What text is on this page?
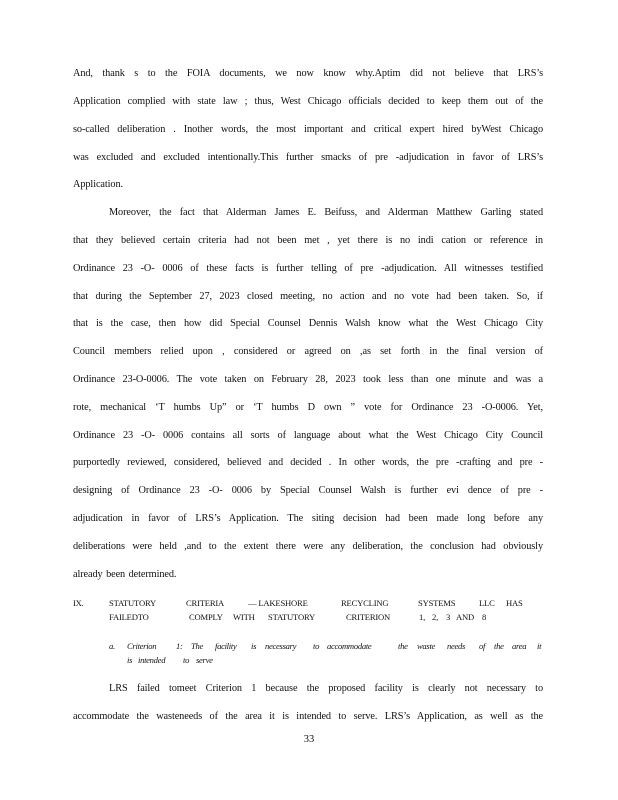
And, thank s to the FOIA documents, we now know why.Aptim did not believe that LRS’s
Application complied with state law ; thus, West Chicago officials decided to keep them out of the
so-called deliberation . Inother words, the most important and critical expert hired byWest Chicago
was excluded and excluded intentionally.This further smacks of pre -adjudication in favor of LRS’s
Application.
Moreover, the fact that Alderman James E. Beifuss, and Alderman Matthew Garling stated
that they believed certain criteria had not been met , yet there is no indi cation or reference in
Ordinance 23 -O- 0006 of these facts is further telling of pre -adjudication. All witnesses testified
that during the September 27, 2023 closed meeting, no action and no vote had been taken. So, if
that is the case, then how did Special Counsel Dennis Walsh know what the West Chicago City
Council members relied upon , considered or agreed on ,as set forth in the final version of
Ordinance 23-O-0006. The vote taken on February 28, 2023 took less than one minute and was a
rote, mechanical ‘T humbs Up” or ‘T humbs D own ” vote for Ordinance 23 -O-0006. Yet,
Ordinance 23 -O- 0006 contains all sorts of language about what the West Chicago City Council
purportedly reviewed, considered, believed and decided . In other words, the pre -crafting and pre -
designing of Ordinance 23 -O- 0006 by Special Counsel Walsh is further evi dence of pre -
adjudication in favor of LRS’s Application. The siting decision had been made long before any
deliberations were held ,and to the extent there were any deliberation, the conclusion had obviously
already been determined.
IX.	STATUTORY	CRITERIA	— LAKESHORE	RECYCLING	SYSTEMS	LLC HAS
FAILEDTO	COMPLY WITH STATUTORY	CRITERION	1, 2, 3 AND 8
a. Criterion 1: The facility is necessary to accommodate	the waste needs of the area it
is intended to serve
LRS failed tomeet Criterion 1 because the proposed facility is clearly not necessary to
accommodate the wasteneeds of the area it is intended to serve. LRS’s Application, as well as the
33
